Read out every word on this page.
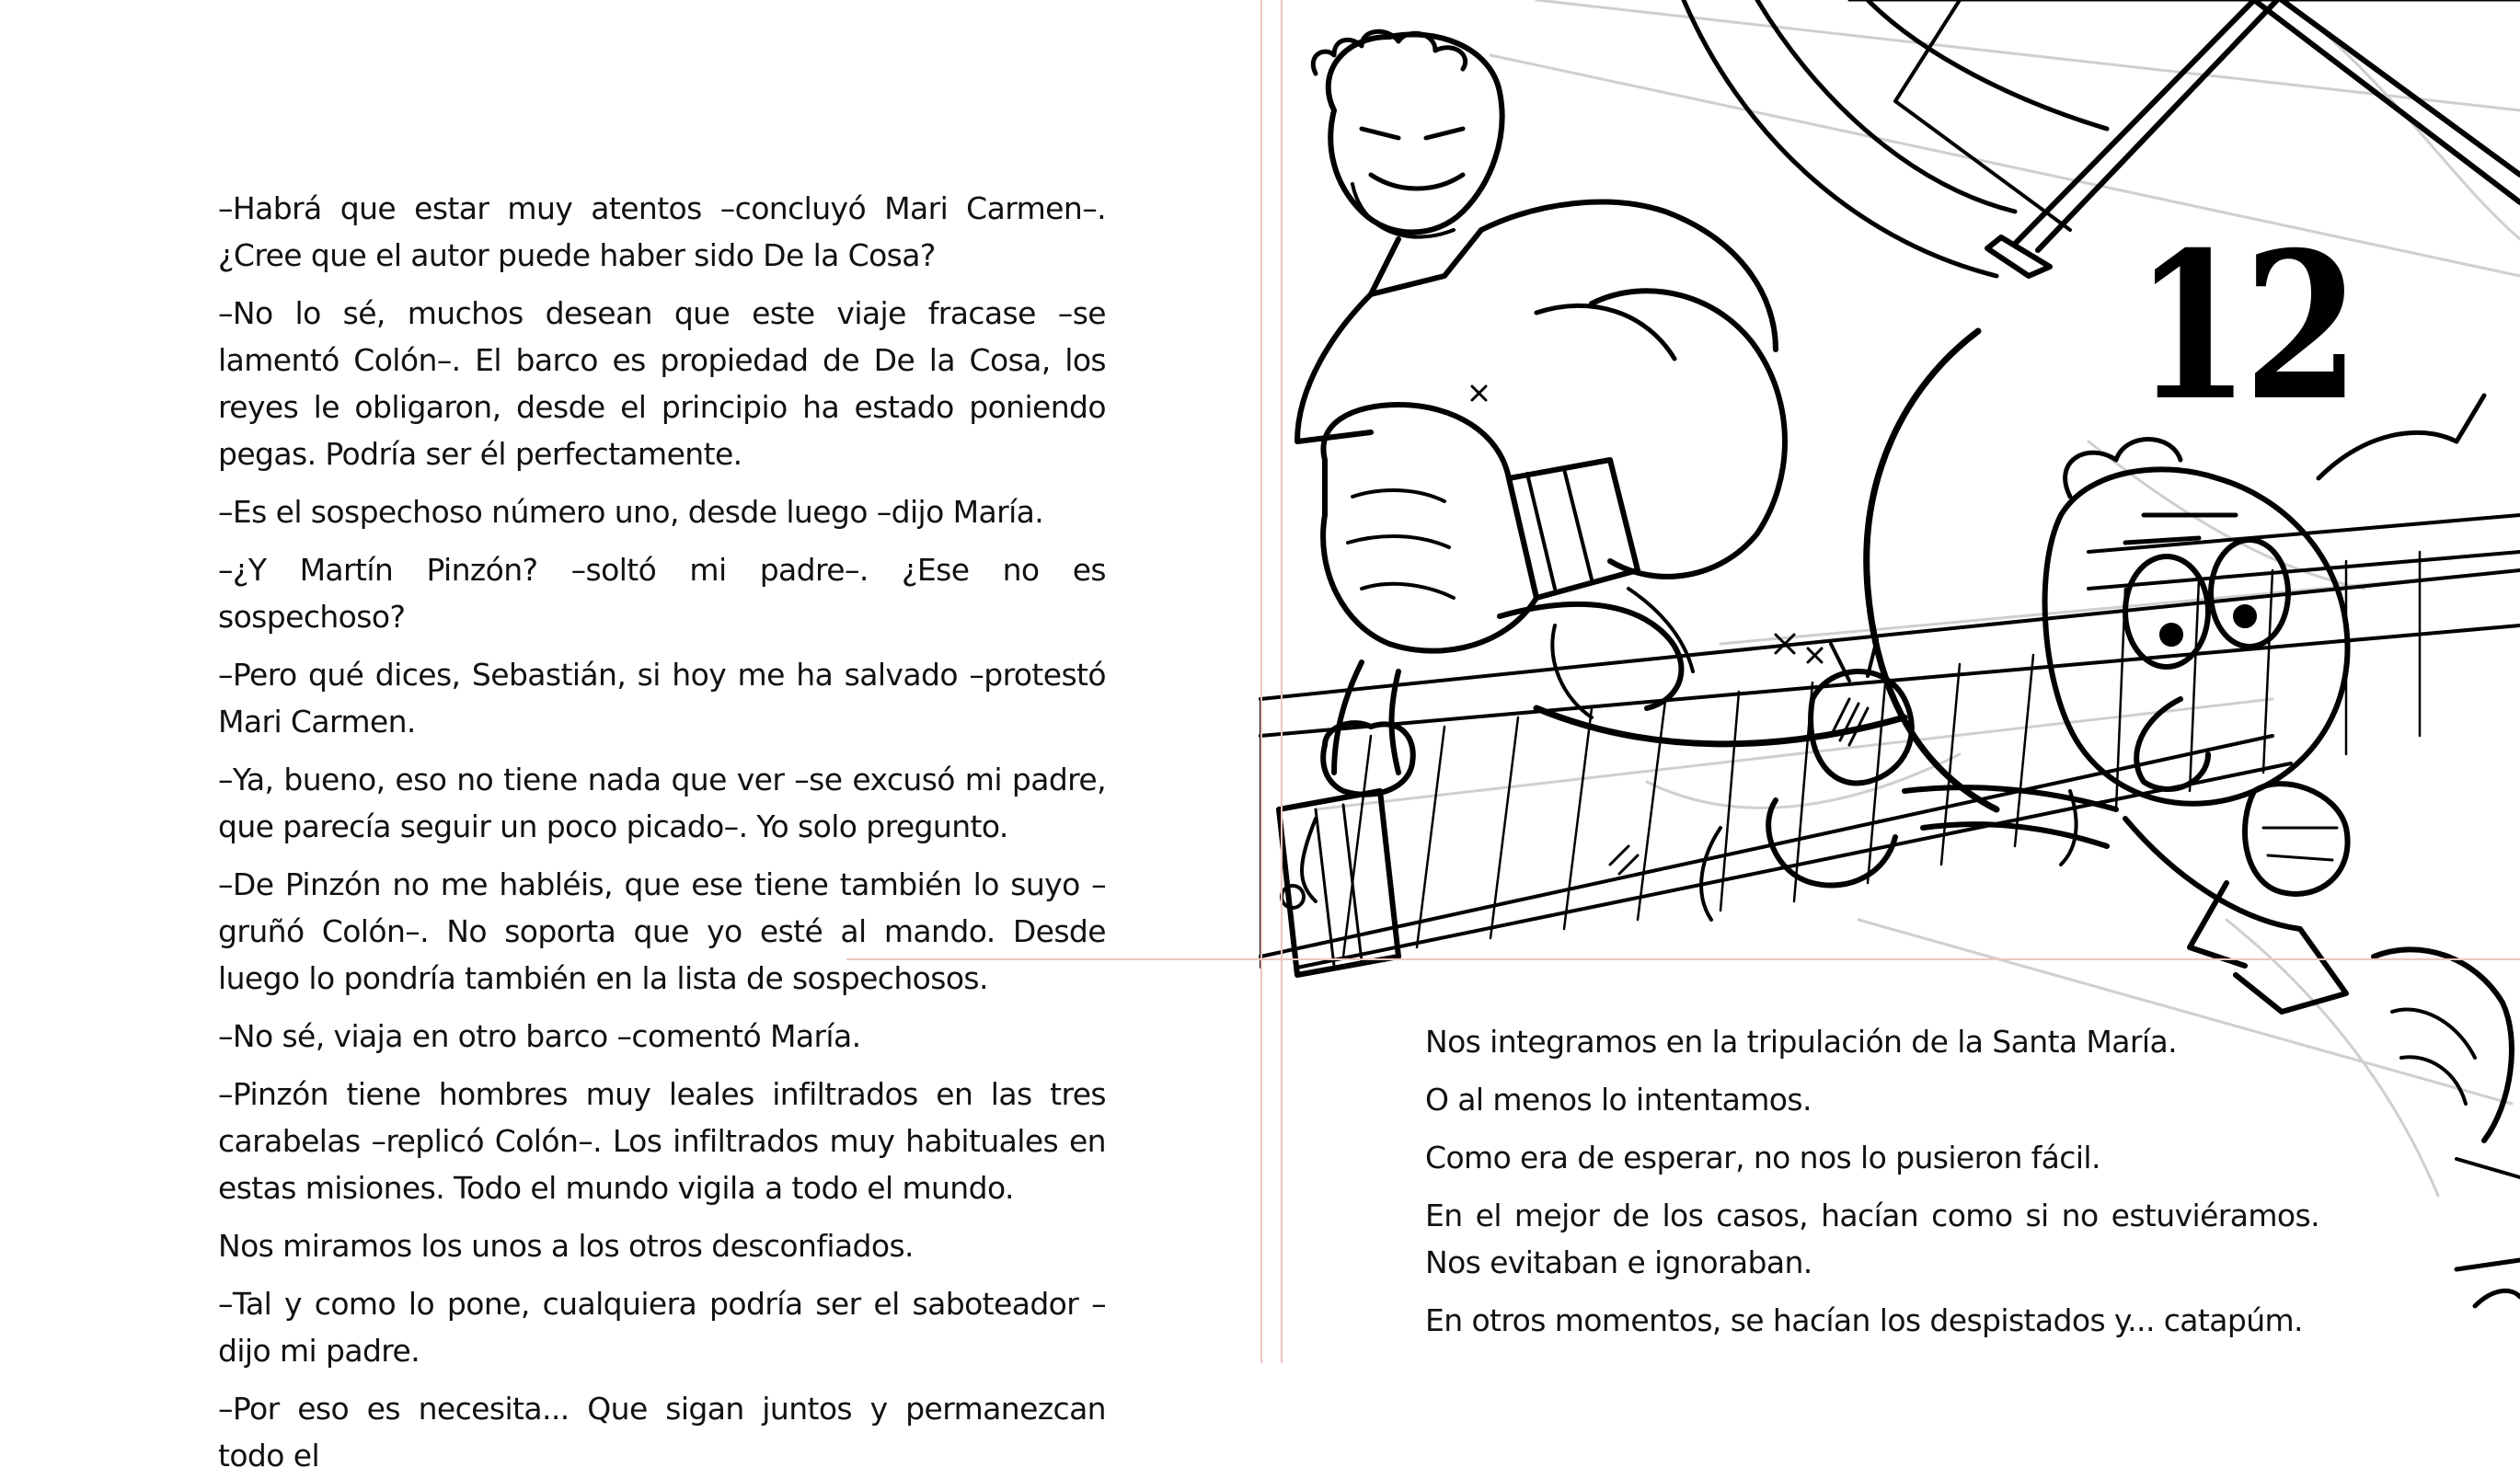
–Habrá que estar muy atentos –concluyó Mari Carmen–. ¿Cree que el autor puede haber sido De la Cosa?

–No lo sé, muchos desean que este viaje fracase –se lamentó Colón–. El barco es propiedad de De la Cosa, los reyes le obligaron, desde el principio ha estado poniendo pegas. Podría ser él perfectamente.

–Es el sospechoso número uno, desde luego –dijo María.

–¿Y Martín Pinzón? –soltó mi padre–. ¿Ese no es sospechoso?

–Pero qué dices, Sebastián, si hoy me ha salvado –protestó Mari Carmen.

–Ya, bueno, eso no tiene nada que ver –se excusó mi padre, que parecía seguir un poco picado–. Yo solo pregunto.

–De Pinzón no me habléis, que ese tiene también lo suyo –gruñó Colón–. No soporta que yo esté al mando. Desde luego lo pondría también en la lista de sospechosos.

–No sé, viaja en otro barco –comentó María.

–Pinzón tiene hombres muy leales infiltrados en las tres carabelas –replicó Colón–. Los infiltrados muy habituales en estas misiones. Todo el mundo vigila a todo el mundo.

Nos miramos los unos a los otros desconfiados.

–Tal y como lo pone, cualquiera podría ser el saboteador –dijo mi padre.

–Por eso es necesita... Que sigan juntos y permanezcan todo el

12

Nos integramos en la tripulación de la Santa María.

O al menos lo intentamos.

Como era de esperar, no nos lo pusieron fácil.

En el mejor de los casos, hacían como si no estuviéramos. Nos evitaban e ignoraban.

En otros momentos, se hacían los despistados y... catapúm.
